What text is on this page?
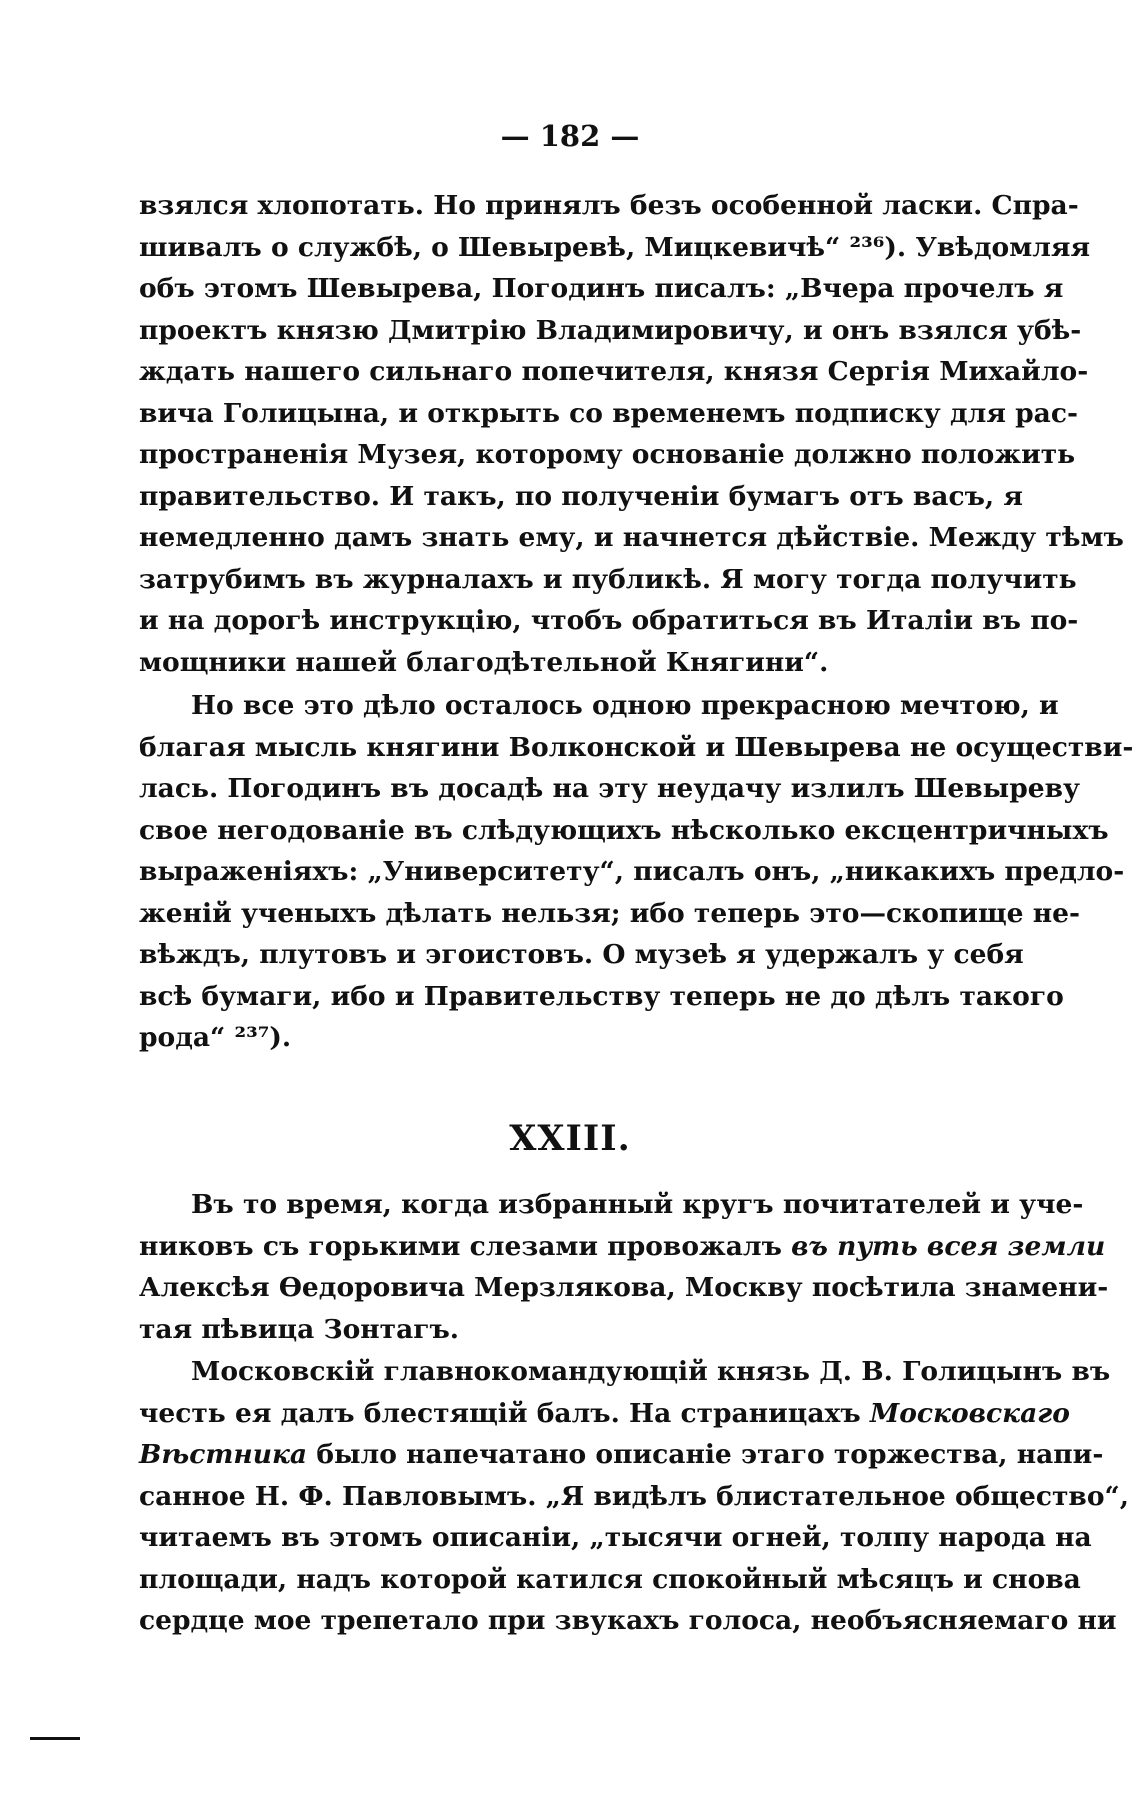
— 182 —
взялся хлопотать. Но принялъ безъ особенной ласки. Спра-
шивалъ о службѣ, о Шевыревѣ, Мицкевичѣ“ ²³⁶). Увѣдомляя
объ этомъ Шевырева, Погодинъ писалъ: „Вчера прочелъ я
проектъ князю Дмитрію Владимировичу, и онъ взялся убѣ-
ждать нашего сильнаго попечителя, князя Сергія Михайло-
вича Голицына, и открыть со временемъ подписку для рас-
пространенія Музея, которому основаніе должно положить
правительство. И такъ, по полученіи бумагъ отъ васъ, я
немедленно дамъ знать ему, и начнется дѣйствіе. Между тѣмъ
затрубимъ въ журналахъ и публикѣ. Я могу тогда получить
и на дорогѣ инструкцію, чтобъ обратиться въ Италіи въ по-
мощники нашей благодѣтельной Княгини“.
Но все это дѣло осталось одною прекрасною мечтою, и
благая мысль княгини Волконской и Шевырева не осуществи-
лась. Погодинъ въ досадѣ на эту неудачу излилъ Шевыреву
свое негодованіе въ слѣдующихъ нѣсколько ексцентричныхъ
выраженіяхъ: „Университету“, писалъ онъ, „никакихъ предло-
женій ученыхъ дѣлать нельзя; ибо теперь это—скопище не-
вѣждъ, плутовъ и эгоистовъ. О музеѣ я удержалъ у себя
всѣ бумаги, ибо и Правительству теперь не до дѣлъ такого
рода“ ²³⁷).
XXIII.
Въ то время, когда избранный кругъ почитателей и уче-
никовъ съ горькими слезами провожалъ въ путь всея земли
Алексѣя Ѳедоровича Мерзлякова, Москву посѣтила знамени-
тая пѣвица Зонтагъ.
Московскій главнокомандующій князь Д. В. Голицынъ въ
честь ея далъ блестящій балъ. На страницахъ Московскаго
Вѣстника было напечатано описаніе этаго торжества, напи-
санное Н. Ф. Павловымъ. „Я видѣлъ блистательное общество“,
читаемъ въ этомъ описаніи, „тысячи огней, толпу народа на
площади, надъ которой катился спокойный мѣсяцъ и снова
сердце мое трепетало при звукахъ голоса, необъясняемаго ни
